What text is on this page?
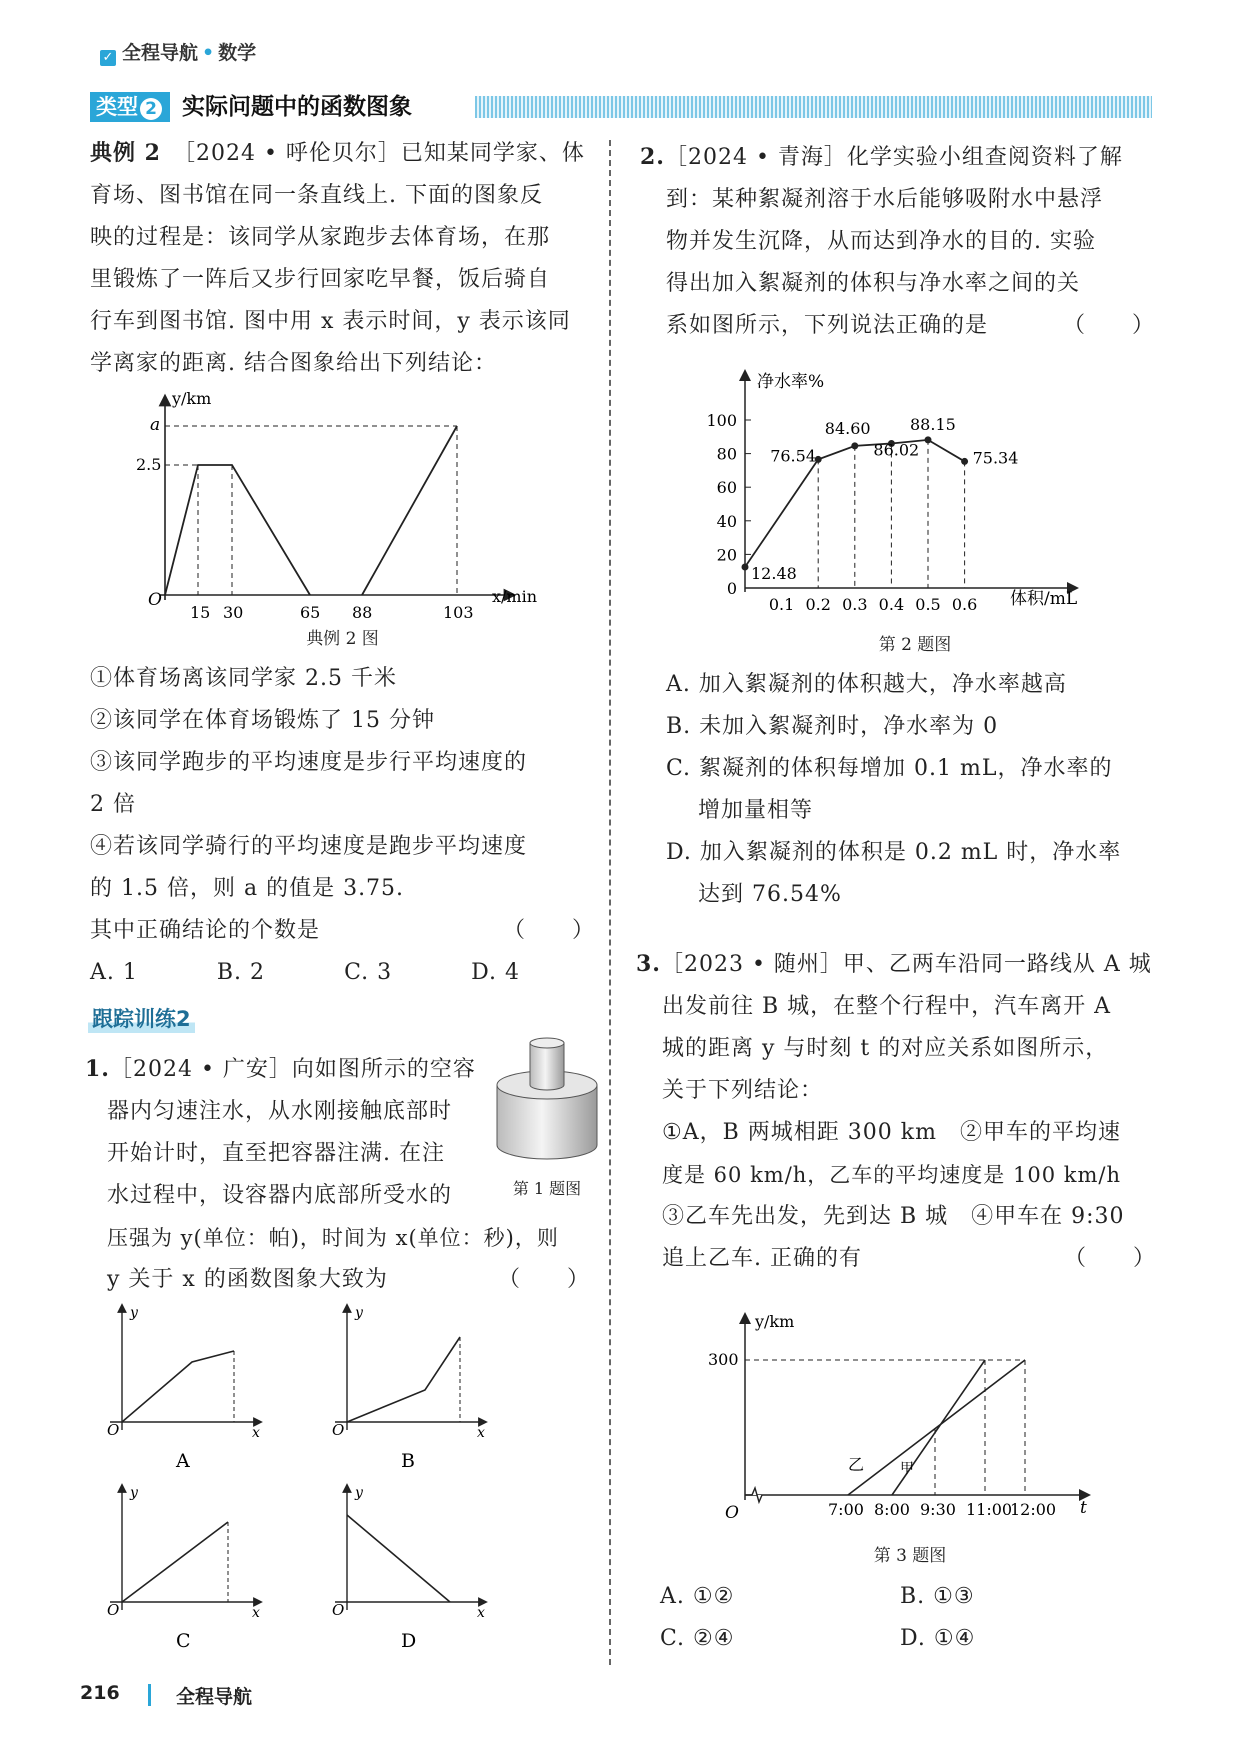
✓ 全程导航 • 数学
类型 2	实际问题中的函数图象

典例 2　 ［2024 • 呼伦贝尔］已知某同学家、体

育场、图书馆在同一条直线上. 下面的图象反

映的过程是：该同学从家跑步去体育场，在那

里锻炼了一阵后又步行回家吃早餐，饭后骑自

行车到图书馆. 图中用 x 表示时间，y 表示该同

学离家的距离. 结合图象给出下列结论：

y/km
x/min
O
a
2.5
15 30	65 88	103
典例 2 图

①体育场离该同学家 2.5 千米

②该同学在体育场锻炼了 15 分钟

③该同学跑步的平均速度是步行平均速度的

2 倍

④若该同学骑行的平均速度是跑步平均速度

的 1.5 倍，则 a 的值是 3.75.

其中正确结论的个数是	（　　）

A. 1	B. 2	C. 3	D. 4
跟踪训练2

1.［2024 • 广安］向如图所示的空容

器内匀速注水，从水刚接触底部时

开始计时，直至把容器注满. 在注

水过程中，设容器内底部所受水的

压强为 y(单位：帕)，时间为 x(单位：秒)，则

y 关于 x 的函数图象大致为	（　　）

第 1 题图
y
x
O
A
y
x
O
B
y
x
O
C
y
x
O
D

2.［2024 • 青海］化学实验小组查阅资料了解

到：某种絮凝剂溶于水后能够吸附水中悬浮

物并发生沉降，从而达到净水的目的. 实验

得出加入絮凝剂的体积与净水率之间的关

系如图所示，下列说法正确的是	（　　）

净水率%
体积/mL
0
20
40
60
80
100
0.1 0.2 0.3 0.4 0.5 0.6
12.48
76.54
84.60
86.02
88.15
75.34
第 2 题图

A. 加入絮凝剂的体积越大，净水率越高

B. 未加入絮凝剂时，净水率为 0

C. 絮凝剂的体积每增加 0.1 mL，净水率的

增加量相等

D. 加入絮凝剂的体积是 0.2 mL 时，净水率

达到 76.54%

3.［2023 • 随州］甲、乙两车沿同一路线从 A 城

出发前往 B 城，在整个行程中，汽车离开 A

城的距离 y 与时刻 t 的对应关系如图所示，

关于下列结论：

①A，B 两城相距 300 km　②甲车的平均速

度是 60 km/h，乙车的平均速度是 100 km/h

③乙车先出发，先到达 B 城　④甲车在 9:30

追上乙车. 正确的有	（　　）

y/km
t
O
300
乙	甲
7:00 8:00 9:30 11:00
12:00
第 3 题图
A. ①②	B. ①③
C. ②④	D. ①④
216	全程导航
